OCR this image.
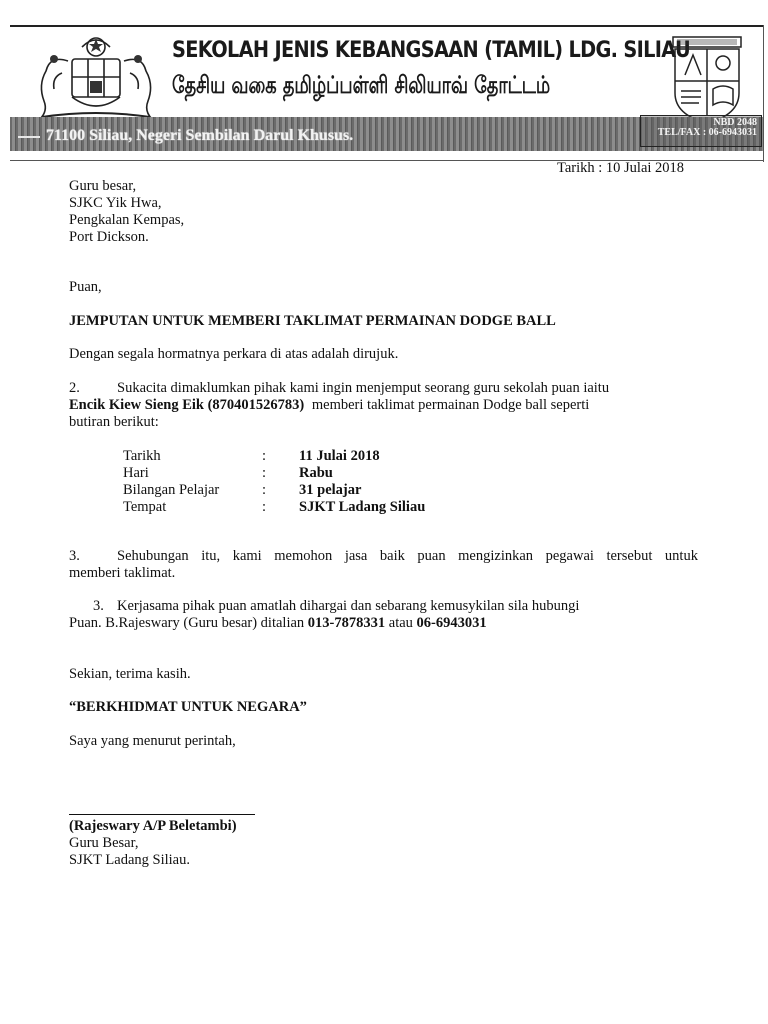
SEKOLAH JENIS KEBANGSAAN (TAMIL) LDG. SILIAU
தேசிய வகை தமிழ்ப்பள்ளி சிலியாவ் தோட்டம்
71100 Siliau, Negeri Sembilan Darul Khusus.
NBD 2048
TEL/FAX : 06-6943031
Tarikh : 10 Julai 2018
Guru besar,
SJKC Yik Hwa,
Pengkalan Kempas,
Port Dickson.
Puan,
JEMPUTAN UNTUK MEMBERI TAKLIMAT PERMAINAN DODGE BALL
Dengan segala hormatnya perkara di atas adalah dirujuk.
2.	Sukacita dimaklumkan pihak kami ingin menjemput seorang guru sekolah puan iaitu
Encik Kiew Sieng Eik (870401526783) memberi taklimat permainan Dodge ball seperti
butiran berikut:
Tarikh	: 11 Julai 2018
Hari	: Rabu
Bilangan Pelajar	: 31 pelajar
Tempat	: SJKT Ladang Siliau
3.	Sehubungan itu, kami memohon jasa baik puan mengizinkan pegawai tersebut untuk
memberi taklimat.
3. Kerjasama pihak puan amatlah dihargai dan sebarang kemusykilan sila hubungi
Puan. B.Rajeswary (Guru besar) ditalian 013-7878331 atau 06-6943031
Sekian, terima kasih.
“BERKHIDMAT UNTUK NEGARA”
Saya yang menurut perintah,
(Rajeswary A/P Beletambi)
Guru Besar,
SJKT Ladang Siliau.
